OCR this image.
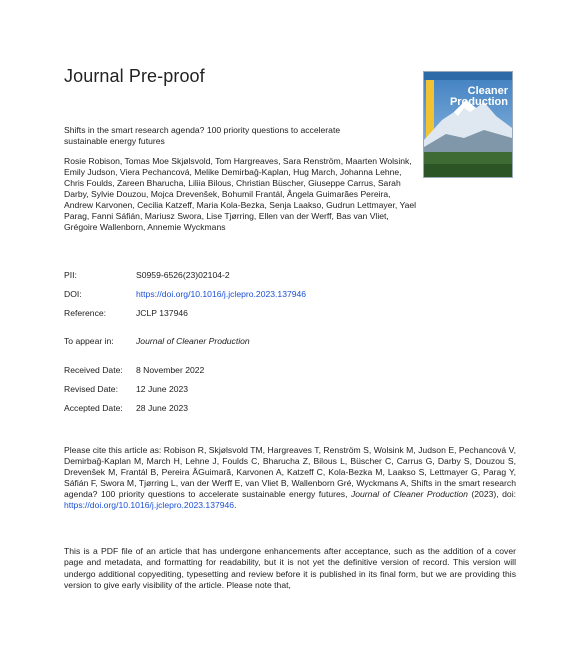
Journal Pre-proof
Cleaner
Production
Shifts in the smart research agenda? 100 priority questions to accelerate sustainable energy futures
Rosie Robison, Tomas Moe Skjølsvold, Tom Hargreaves, Sara Renström, Maarten Wolsink, Emily Judson, Viera Pechancová, Melike Demirbağ-Kaplan, Hug March, Johanna Lehne, Chris Foulds, Zareen Bharucha, Liliia Bilous, Christian Büscher, Giuseppe Carrus, Sarah Darby, Sylvie Douzou, Mojca Drevenšek, Bohumil Frantál, Ângela Guimarães Pereira, Andrew Karvonen, Cecilia Katzeff, Maria Kola-Bezka, Senja Laakso, Gudrun Lettmayer, Yael Parag, Fanni Sáfián, Mariusz Swora, Lise Tjørring, Ellen van der Werff, Bas van Vliet, Grégoire Wallenborn, Annemie Wyckmans
PII:	S0959-6526(23)02104-2
DOI:	https://doi.org/10.1016/j.jclepro.2023.137946
Reference:	JCLP 137946
To appear in:	Journal of Cleaner Production
Received Date: 8 November 2022
Revised Date: 12 June 2023
Accepted Date: 28 June 2023
Please cite this article as: Robison R, Skjølsvold TM, Hargreaves T, Renström S, Wolsink M, Judson E, Pechancová V, Demirbağ-Kaplan M, March H, Lehne J, Foulds C, Bharucha Z, Bilous L, Büscher C, Carrus G, Darby S, Douzou S, Drevenšek M, Frantál B, Pereira ÂGuimarã, Karvonen A, Katzeff C, Kola-Bezka M, Laakso S, Lettmayer G, Parag Y, Sáfián F, Swora M, Tjørring L, van der Werff E, van Vliet B, Wallenborn Gré, Wyckmans A, Shifts in the smart research agenda? 100 priority questions to accelerate sustainable energy futures, Journal of Cleaner Production (2023), doi: https://doi.org/10.1016/j.jclepro.2023.137946.
This is a PDF file of an article that has undergone enhancements after acceptance, such as the addition of a cover page and metadata, and formatting for readability, but it is not yet the definitive version of record. This version will undergo additional copyediting, typesetting and review before it is published in its final form, but we are providing this version to give early visibility of the article. Please note that,
